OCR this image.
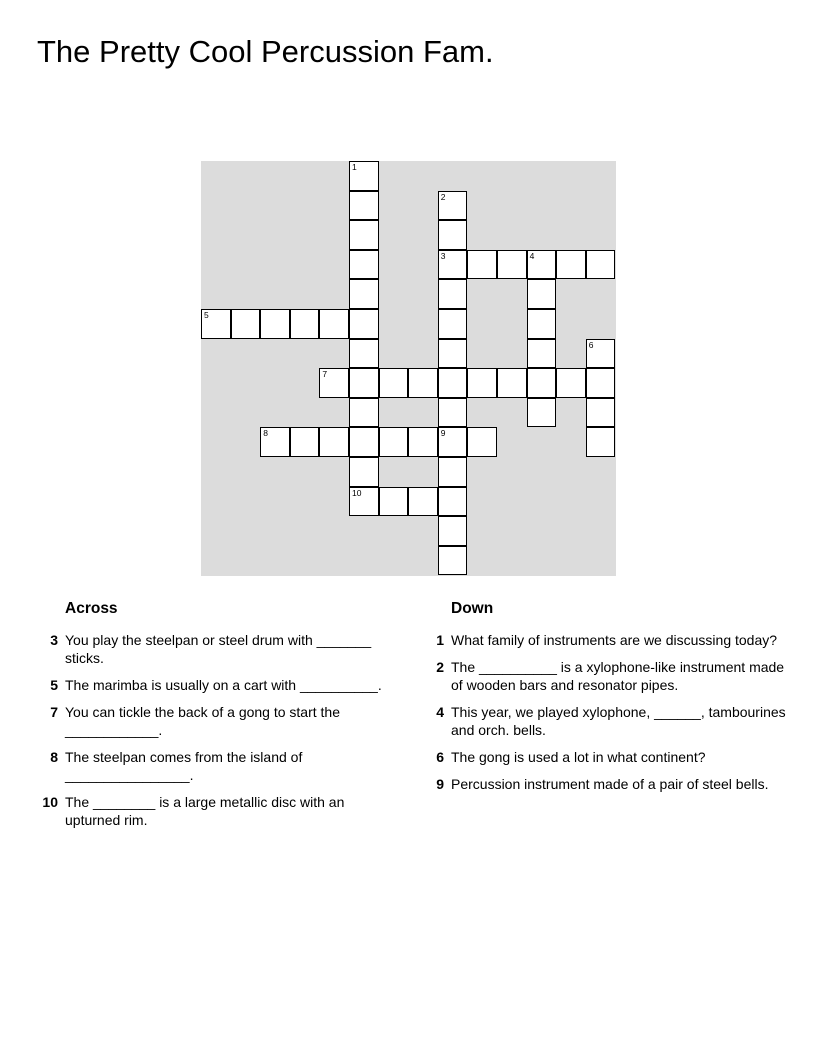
The Pretty Cool Percussion Fam.
1
10
2
3
9
4
5
6
7
8
Across
3 You play the steelpan or steel drum with _______ sticks.
5 The marimba is usually on a cart with __________.
7 You can tickle the back of a gong to start the ____________.
8 The steelpan comes from the island of ________________.
10 The ________ is a large metallic disc with an upturned rim.
Down
1 What family of instruments are we discussing today?
2 The __________ is a xylophone-like instrument made of wooden bars and resonator pipes.
4 This year, we played xylophone, ______, tambourines and orch. bells.
6 The gong is used a lot in what continent?
9 Percussion instrument made of a pair of steel bells.
